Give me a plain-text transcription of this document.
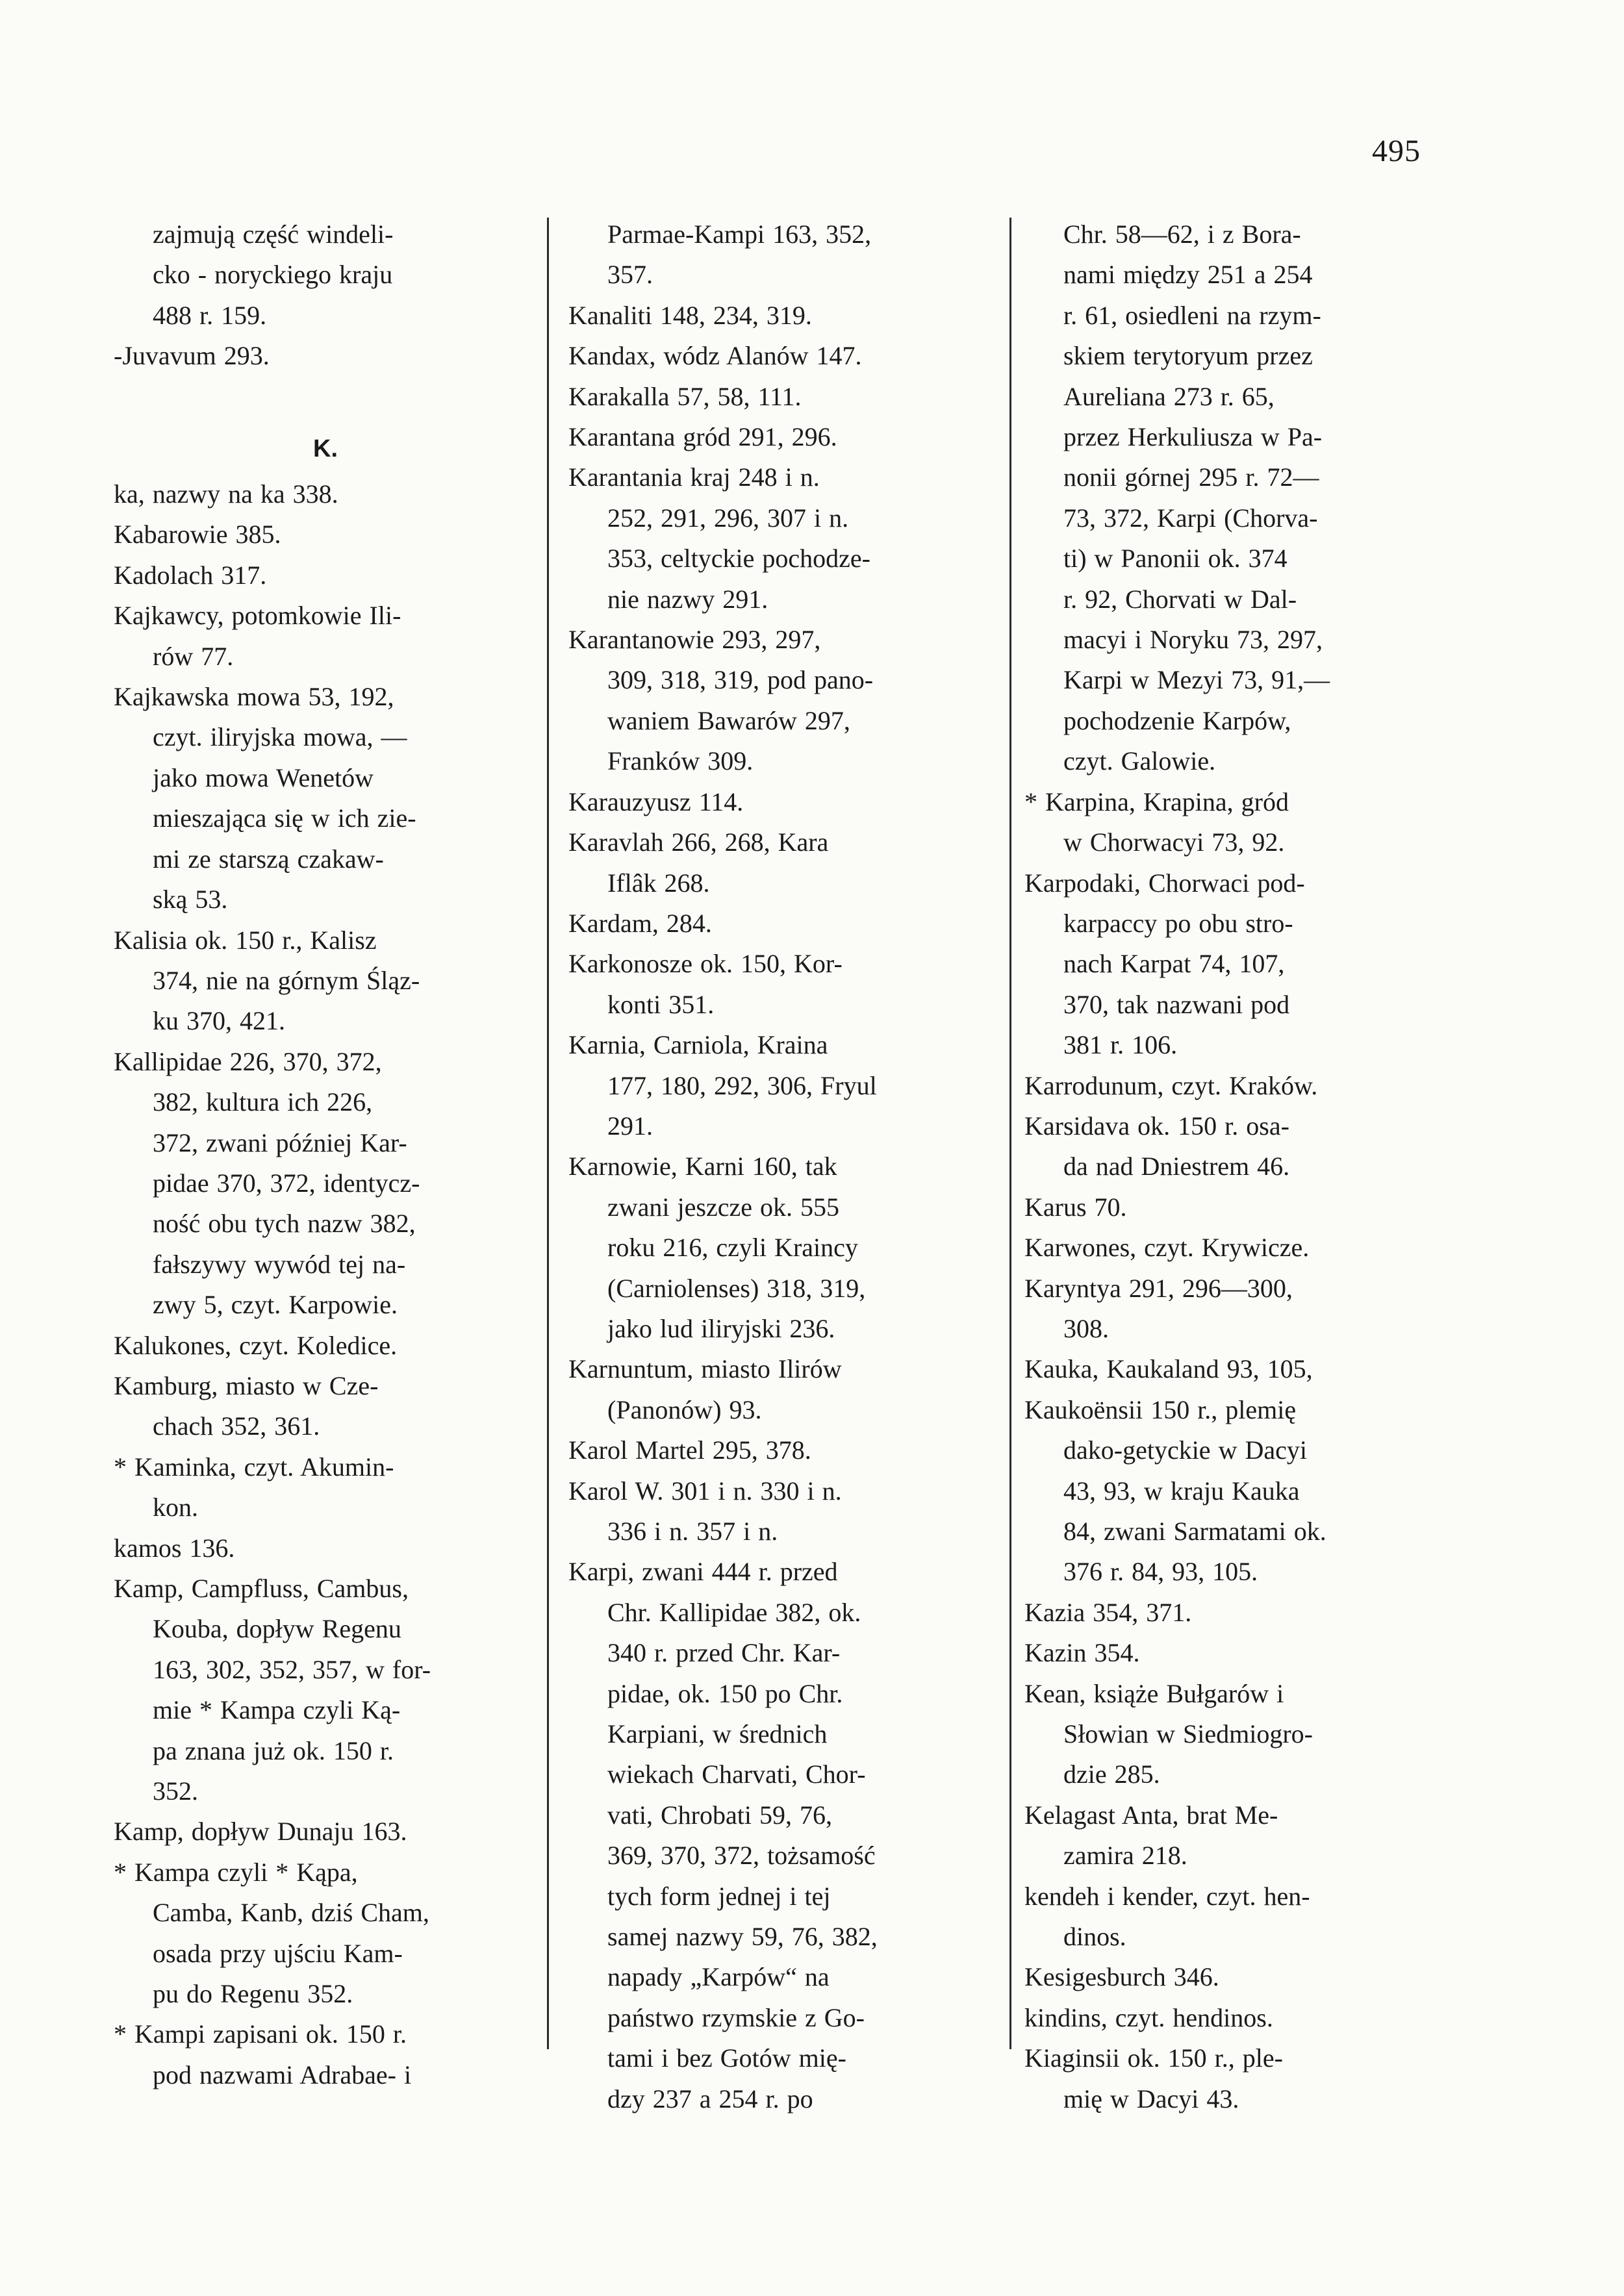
495
zajmują część windeli-
cko - noryckiego kraju
488 r. 159.
-Juvavum 293.
K.
ka, nazwy na ka 338.
Kabarowie 385.
Kadolach 317.
Kajkawcy, potomkowie Ili-
rów 77.
Kajkawska mowa 53, 192,
czyt. iliryjska mowa, —
jako mowa Wenetów
mieszająca się w ich zie-
mi ze starszą czakaw-
ską 53.
Kalisia ok. 150 r., Kalisz
374, nie na górnym Śląz-
ku 370, 421.
Kallipidae 226, 370, 372,
382, kultura ich 226,
372, zwani później Kar-
pidae 370, 372, identycz-
ność obu tych nazw 382,
fałszywy wywód tej na-
zwy 5, czyt. Karpowie.
Kalukones, czyt. Koledice.
Kamburg, miasto w Cze-
chach 352, 361.
* Kaminka, czyt. Akumin-
kon.
kamos 136.
Kamp, Campfluss, Cambus,
Kouba, dopływ Regenu
163, 302, 352, 357, w for-
mie * Kampa czyli Ką-
pa znana już ok. 150 r.
352.
Kamp, dopływ Dunaju 163.
* Kampa czyli * Kąpa,
Camba, Kanb, dziś Cham,
osada przy ujściu Kam-
pu do Regenu 352.
* Kampi zapisani ok. 150 r.
pod nazwami Adrabae- i
Parmae-Kampi 163, 352,
357.
Kanaliti 148, 234, 319.
Kandax, wódz Alanów 147.
Karakalla 57, 58, 111.
Karantana gród 291, 296.
Karantania kraj 248 i n.
252, 291, 296, 307 i n.
353, celtyckie pochodze-
nie nazwy 291.
Karantanowie 293, 297,
309, 318, 319, pod pano-
waniem Bawarów 297,
Franków 309.
Karauzyusz 114.
Karavlah 266, 268, Kara
Iflâk 268.
Kardam, 284.
Karkonosze ok. 150, Kor-
konti 351.
Karnia, Carniola, Kraina
177, 180, 292, 306, Fryul
291.
Karnowie, Karni 160, tak
zwani jeszcze ok. 555
roku 216, czyli Kraincy
(Carniolenses) 318, 319,
jako lud iliryjski 236.
Karnuntum, miasto Ilirów
(Panonów) 93.
Karol Martel 295, 378.
Karol W. 301 i n. 330 i n.
336 i n. 357 i n.
Karpi, zwani 444 r. przed
Chr. Kallipidae 382, ok.
340 r. przed Chr. Kar-
pidae, ok. 150 po Chr.
Karpiani, w średnich
wiekach Charvati, Chor-
vati, Chrobati 59, 76,
369, 370, 372, tożsamość
tych form jednej i tej
samej nazwy 59, 76, 382,
napady „Karpów“ na
państwo rzymskie z Go-
tami i bez Gotów mię-
dzy 237 a 254 r. po
Chr. 58—62, i z Bora-
nami między 251 a 254
r. 61, osiedleni na rzym-
skiem terytoryum przez
Aureliana 273 r. 65,
przez Herkuliusza w Pa-
nonii górnej 295 r. 72—
73, 372, Karpi (Chorva-
ti) w Panonii ok. 374
r. 92, Chorvati w Dal-
macyi i Noryku 73, 297,
Karpi w Mezyi 73, 91,—
pochodzenie Karpów,
czyt. Galowie.
* Karpina, Krapina, gród
w Chorwacyi 73, 92.
Karpodaki, Chorwaci pod-
karpaccy po obu stro-
nach Karpat 74, 107,
370, tak nazwani pod
381 r. 106.
Karrodunum, czyt. Kraków.
Karsidava ok. 150 r. osa-
da nad Dniestrem 46.
Karus 70.
Karwones, czyt. Krywicze.
Karyntya 291, 296—300,
308.
Kauka, Kaukaland 93, 105,
Kaukoënsii 150 r., plemię
dako-getyckie w Dacyi
43, 93, w kraju Kauka
84, zwani Sarmatami ok.
376 r. 84, 93, 105.
Kazia 354, 371.
Kazin 354.
Kean, książe Bułgarów i
Słowian w Siedmiogro-
dzie 285.
Kelagast Anta, brat Me-
zamira 218.
kendeh i kender, czyt. hen-
dinos.
Kesigesburch 346.
kindins, czyt. hendinos.
Kiaginsii ok. 150 r., ple-
mię w Dacyi 43.
